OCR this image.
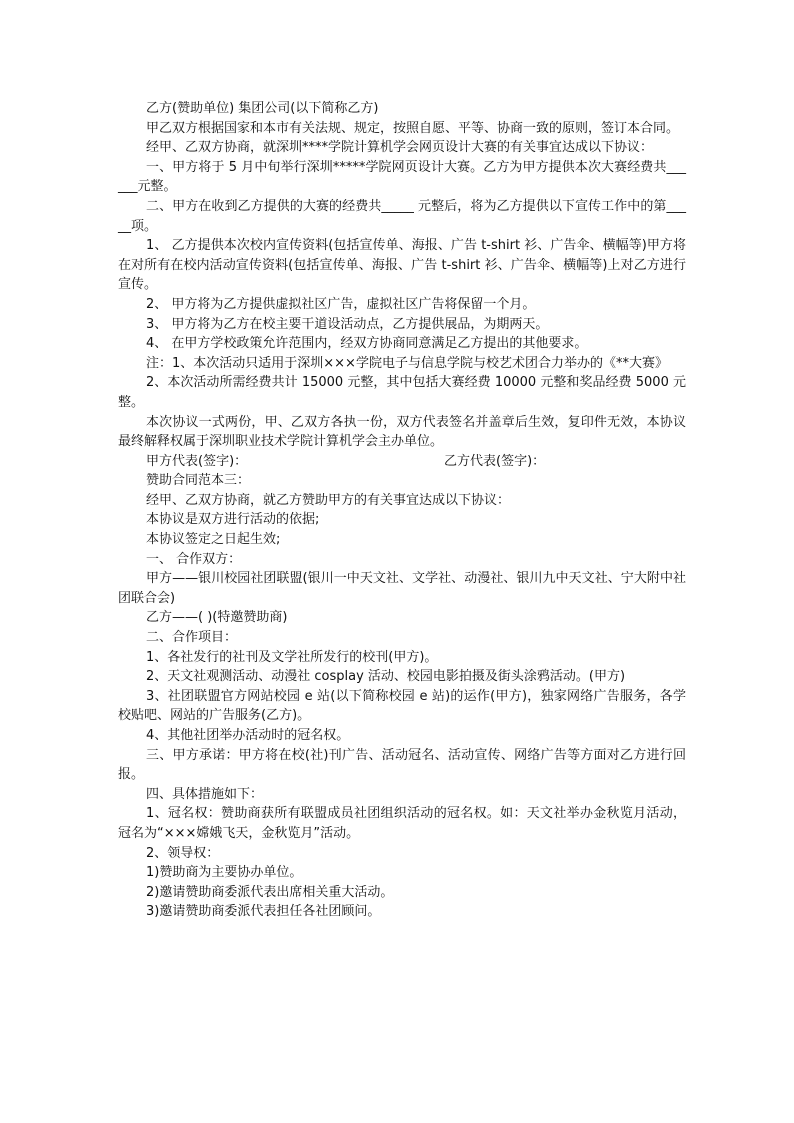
乙方(赞助单位) 集团公司(以下简称乙方)

甲乙双方根据国家和本市有关法规、规定，按照自愿、平等、协商一致的原则，签订本合同。

经甲、乙双方协商，就深圳****学院计算机学会网页设计大赛的有关事宜达成以下协议：

一、甲方将于 5 月中旬举行深圳*****学院网页设计大赛。乙方为甲方提供本次大赛经费共______元整。

二、甲方在收到乙方提供的大赛的经费共_____ 元整后，将为乙方提供以下宣传工作中的第_____项。

1、 乙方提供本次校内宣传资料(包括宣传单、海报、广告 t-shirt 衫、广告伞、横幅等)甲方将在对所有在校内活动宣传资料(包括宣传单、海报、广告 t-shirt 衫、广告伞、横幅等)上对乙方进行宣传。

2、 甲方将为乙方提供虚拟社区广告，虚拟社区广告将保留一个月。

3、 甲方将为乙方在校主要干道设活动点，乙方提供展品，为期两天。

4、 在甲方学校政策允许范围内，经双方协商同意满足乙方提出的其他要求。

注：1、本次活动只适用于深圳×××学院电子与信息学院与校艺术团合力举办的《**大赛》

2、本次活动所需经费共计 15000 元整，其中包括大赛经费 10000 元整和奖品经费 5000 元整。

本次协议一式两份，甲、乙双方各执一份，双方代表签名并盖章后生效，复印件无效，本协议最终解释权属于深圳职业技术学院计算机学会主办单位。

甲方代表(签字)：	乙方代表(签字)：

赞助合同范本三：

经甲、乙双方协商，就乙方赞助甲方的有关事宜达成以下协议：

本协议是双方进行活动的依据;

本协议签定之日起生效;

一、 合作双方：

甲方——银川校园社团联盟(银川一中天文社、文学社、动漫社、银川九中天文社、宁大附中社团联合会)

乙方——( )(特邀赞助商)

二、合作项目：

1、各社发行的社刊及文学社所发行的校刊(甲方)。

2、天文社观测活动、动漫社 cosplay 活动、校园电影拍摄及街头涂鸦活动。(甲方)

3、社团联盟官方网站校园 e 站(以下简称校园 e 站)的运作(甲方)，独家网络广告服务，各学校贴吧、网站的广告服务(乙方)。

4、其他社团举办活动时的冠名权。

三、甲方承诺：甲方将在校(社)刊广告、活动冠名、活动宣传、网络广告等方面对乙方进行回报。

四、具体措施如下：

1、冠名权：赞助商获所有联盟成员社团组织活动的冠名权。如：天文社举办金秋览月活动，冠名为“×××嫦娥飞天，金秋览月”活动。

2、领导权：

1)赞助商为主要协办单位。

2)邀请赞助商委派代表出席相关重大活动。

3)邀请赞助商委派代表担任各社团顾问。
